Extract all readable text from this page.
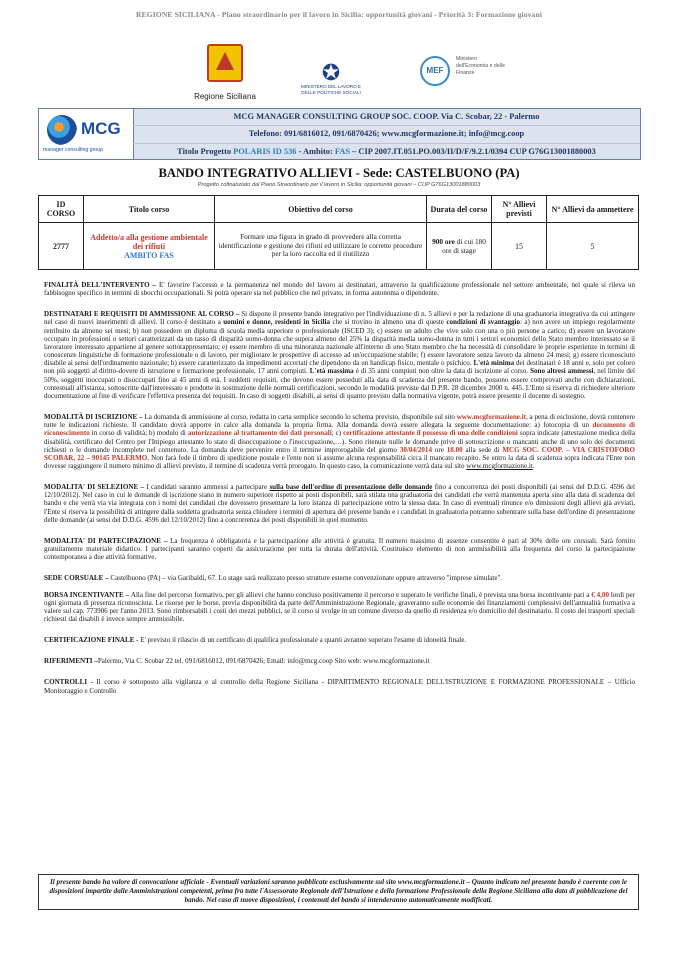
REGIONE SICILIANA - Piano straordinario per il lavoro in Sicilia: opportunità giovani - Priorità 3: Formazione giovani
Regione Siciliana
✪
MINISTERO DEL LAVORO E DELLE POLITICHE SOCIALI
MEF
Ministero dell'Economia e delle Finanze
MCG
manager consulting group
MCG MANAGER CONSULTING GROUP SOC. COOP. Via C. Scobar, 22 - Palermo
Telefono: 091/6816012, 091/6870426; www.mcgformazione.it; info@mcg.coop
Titolo Progetto POLARIS ID 536 - Ambito: FAS – CIP 2007.IT.051.PO.003/II/D/F/9.2.1/0394 CUP G76G13001880003
BANDO INTEGRATIVO ALLIEVI - Sede: CASTELBUONO (PA)
Progetto cofinanziato dal Piano Straordinario per il lavoro in Sicilia: opportunità giovani – CUP G76G13001880003
ID CORSO	Titolo corso	Obiettivo del corso	Durata del corso	N° Allievi previsti	N° Allievi da ammettere
2777	Addetto/a alla gestione ambientale dei rifiuti
AMBITO FAS	Formare una figura in grado di provvedere alla corretta identificazione e gestione dei rifiuti ed utilizzare le corrette procedure per la loro raccolta ed il riutilizzo	900 ore di cui 180 ore di stage	15	5

FINALITÀ DELL'INTERVENTO – E' favorire l'accesso e la permanenza nel mondo del lavoro ai destinatari, attraverso la qualificazione professionale nel settore ambientale, nel quale si rileva un fabbisogno specifico in termini di sbocchi occupazionali. Si potrà operare sia nel pubblico che nel privato, in forma autonoma o dipendente.

DESTINATARI E REQUISITI DI AMMISSIONE AL CORSO – Si dispone il presente bando integrativo per l'individuazione di n. 5 allievi e per la redazione di una graduatoria integrativa da cui attingere nel caso di nuovi inserimenti di allievi. Il corso è destinato a uomini e donne, residenti in Sicilia che si trovino in almeno una di queste condizioni di svantaggio: a) non avere un impiego regolarmente retribuito da almeno sei mesi; b) non possedere un diploma di scuola media superiore o professionale (ISCED 3); c) essere un adulto che vive solo con una o più persone a carico; d) essere un lavoratore occupato in professioni o settori caratterizzati da un tasso di disparità uomo-donna che supera almeno del 25% la disparità media uomo-donna in tutti i settori economici dello Stato membro interessato se il lavoratore interessato appartiene al genere sottorappresentato; e) essere membro di una minoranza nazionale all'interno di uno Stato membro che ha necessità di consolidare le proprie esperienze in termini di conoscenze linguistiche di formazione professionale o di lavoro, per migliorare le prospettive di accesso ad un'occupazione stabile; f) essere lavoratore senza lavoro da almeno 24 mesi; g) essere riconosciuto disabile ai sensi dell'ordinamento nazionale; h) essere caratterizzato da impedimenti accertati che dipendono da un handicap fisico, mentale o psichico. L'età minima dei destinatari è 18 anni e, solo per coloro non più soggetti al diritto-dovere di istruzione e formazione professionale, 17 anni compiuti. L'età massima è di 35 anni compiuti non oltre la data di iscrizione al corso. Sono altresì ammessi, nel limite del 50%, soggetti inoccupati o disoccupati fino ai 45 anni di età. I suddetti requisiti, che devono essere posseduti alla data di scadenza del presente bando, possono essere comprovati anche con dichiarazioni, contestuali all'istanza, sottoscritte dall'interessato e prodotte in sostituzione delle normali certificazioni, secondo le modalità previste dal D.P.R. 28 dicembre 2000 n. 445. L'Ente si riserva di richiedere ulteriore documentazione al fine di verificare l'effettiva presenza dei requisiti. In caso di soggetti disabili, ai sensi di quanto previsto dalla normativa vigente, potrà essere presente il docente di sostegno.

MODALITÀ DI ISCRIZIONE – La domanda di ammissione al corso, redatta in carta semplice secondo lo schema previsto, disponibile sul sito www.mcgformazione.it, a pena di esclusione, dovrà contenere tutte le indicazioni richieste. Il candidato dovrà apporre in calce alla domanda la propria firma. Alla domanda dovrà essere allegata la seguente documentazione: a) fotocopia di un documento di riconoscimento in corso di validità; b) modulo di autorizzazione al trattamento dei dati personali; c) certificazione attestante il possesso di una delle condizioni sopra indicate (attestazione medica della disabilità, certificato del Centro per l'Impiego attestante lo stato di disoccupazione o l'inoccupazione,…). Sono ritenute nulle le domande prive di sottoscrizione o mancanti anche di uno solo dei documenti richiesti o le domande incomplete nel contenuto. La domanda deve pervenire entro il termine improrogabile del giorno 30/04/2014 ore 18.00 alla sede di MCG SOC. COOP. – VIA CRISTOFORO SCOBAR, 22 – 90145 PALERMO. Non farà fede il timbro di spedizione postale e l'ente non si assume alcuna responsabilità circa il mancato recapito. Se entro la data di scadenza sopra indicata l'Ente non dovesse raggiungere il numero minimo di allievi previsto, il termine di scadenza verrà prorogato. In questo caso, la comunicazione verrà data sul sito www.mcgformazione.it.

MODALITA' DI SELEZIONE – I candidati saranno ammessi a partecipare sulla base dell'ordine di presentazione delle domande fino a concorrenza dei posti disponibili (ai sensi del D.D.G. 4596 del 12/10/2012). Nel caso in cui le domande di iscrizione siano in numero superiore rispetto ai posti disponibili, sarà stilata una graduatoria dei candidati che verrà mantenuta aperta sino alla data di scadenza del bando e che verrà via via integrata con i nomi dei candidati che dovessero presentare la loro istanza di partecipazione entro la stessa data. In caso di eventuali rinunce e/o dimissioni degli allievi già avviati, l'Ente si riserva la possibilità di attingere dalla suddetta graduatoria senza chiudere i termini di apertura del presente bando e i candidati in graduatoria potranno subentrare sulla base dell'ordine di presentazione delle domande (ai sensi del D.D.G. 4596 del 12/10/2012) fino a concorrenza dei posti disponibili in quel momento.

MODALITA' DI PARTECIPAZIONE – La frequenza è obbligatoria e la partecipazione alle attività è gratuita. Il numero massimo di assenze consentite è pari al 30% delle ore corsuali. Sarà fornito gratuitamente materiale didattico. I partecipanti saranno coperti da assicurazione per tutta la durata dell'attività. Costituisce elemento di non ammissibilità alla frequenza del corso la partecipazione contemporanea a due attività formative.

SEDE CORSUALE – Castelbuono (PA) – via Garibaldi, 67. Lo stage sarà realizzato presso strutture esterne convenzionate oppure attraverso "imprese simulate".

BORSA INCENTIVANTE – Alla fine del percorso formativo, per gli allievi che hanno concluso positivamente il percorso e superato le verifiche finali, è prevista una borsa incentivante pari a € 4,00 lordi per ogni giornata di presenza riconosciuta. Le risorse per le borse, previa disponibilità da parte dell'Amministrazione Regionale, graveranno sulle economie dei finanziamenti complessivi dell'annualità formativa a valere sul cap. 773906 per l'anno 2013. Sono rimborsabili i costi dei mezzi pubblici, se il corso si svolge in un comune diverso da quello di residenza e/o domicilio del destinatario. Il costo dei trasporti speciali richiesti dai disabili è invece sempre ammissibile.

CERTIFICAZIONE FINALE - E' previsto il rilascio di un certificato di qualifica professionale a quanti avranno superato l'esame di idoneità finale.

RIFERIMENTI –Palermo, Via C. Scobar 22 tel. 091/6816012, 091/6870426; Email: info@mcg.coop Sito web: www.mcgformazione.it

CONTROLLI - Il corso è sottoposto alla vigilanza e al controllo della Regione Siciliana - DIPARTIMENTO REGIONALE DELL'ISTRUZIONE E FORMAZIONE PROFESSIONALE – Ufficio Monitoraggio e Controllo

Il presente bando ha valore di convocazione ufficiale - Eventuali variazioni saranno pubblicate esclusivamente sul sito www.mcgformazione.it – Quanto indicato nel presente bando è coerente con le disposizioni impartite dalle Amministrazioni competenti, prima fra tutte l'Assessorato Regionale dell'Istruzione e della formazione Professionale della Regione Siciliana alla data di pubblicazione del bando. Nel caso di nuove disposizioni, i contenuti del bando si intenderanno automaticamente modificati.
